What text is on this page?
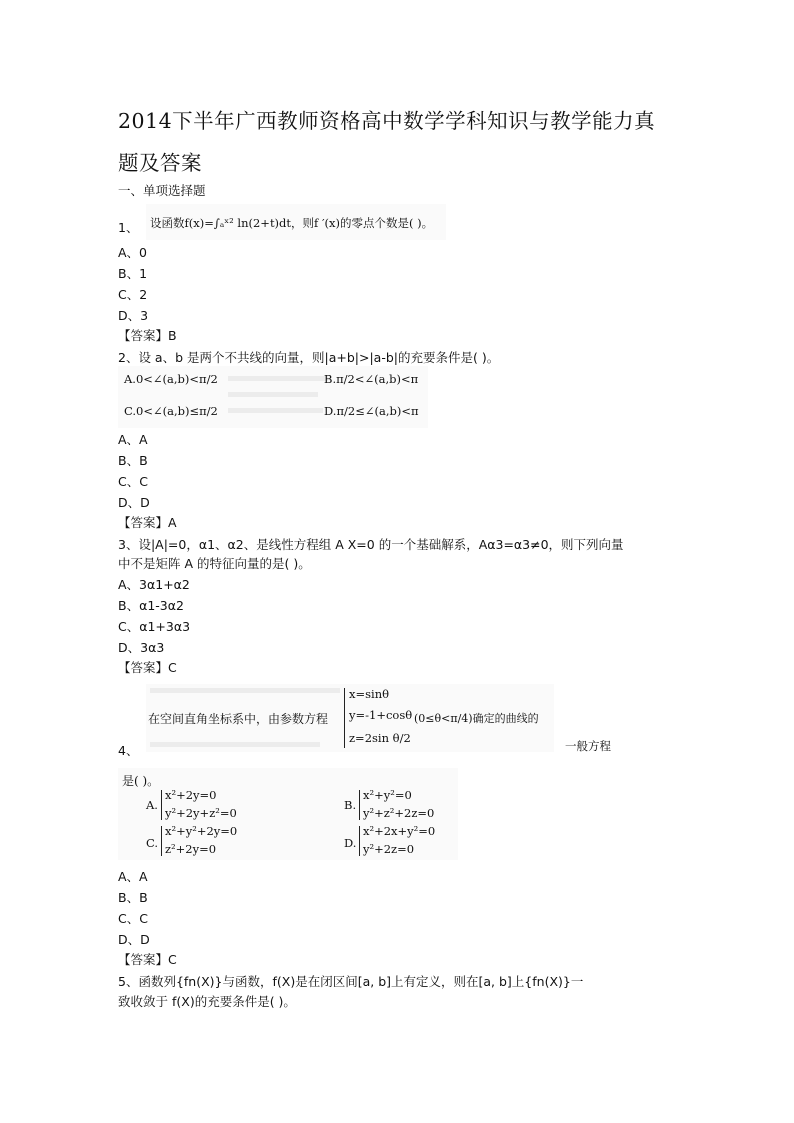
2014下半年广西教师资格高中数学学科知识与教学能力真
题及答案
一、单项选择题
1、 设函数f(x)=∫ₐˣ² ln(2+t)dt，则f ′(x)的零点个数是( )。
A、0
B、1
C、2
D、3
【答案】B
2、设 a、b 是两个不共线的向量，则|a+b|>|a-b|的充要条件是( )。
A.0<∠(a,b)<π/2	B.π/2<∠(a,b)<π
C.0<∠(a,b)≤π/2	D.π/2≤∠(a,b)<π
A、A
B、B
C、C
D、D
【答案】A
3、设|A|=0，α1、α2、是线性方程组 A X=0 的一个基础解系，Aα3=α3≠0，则下列向量
中不是矩阵 A 的特征向量的是( )。
A、3α1+α2
B、α1-3α2
C、α1+3α3
D、3α3
【答案】C
4、
在空间直角坐标系中，由参数方程
x=sinθ
y=-1+cosθ
z=2sin θ/2
(0≤θ<π/4)确定的曲线的
一般方程
是( )。
A.
x²+2y=0
y²+2y+z²=0
B.
x²+y²=0
y²+z²+2z=0
C.
x²+y²+2y=0
z²+2y=0	D.
x²+2x+y²=0
y²+2z=0
A、A
B、B
C、C
D、D
【答案】C
5、函数列{fn(X)}与函数，f(X)是在闭区间[a, b]上有定义，则在[a, b]上{fn(X)}一
致收敛于 f(X)的充要条件是( )。
